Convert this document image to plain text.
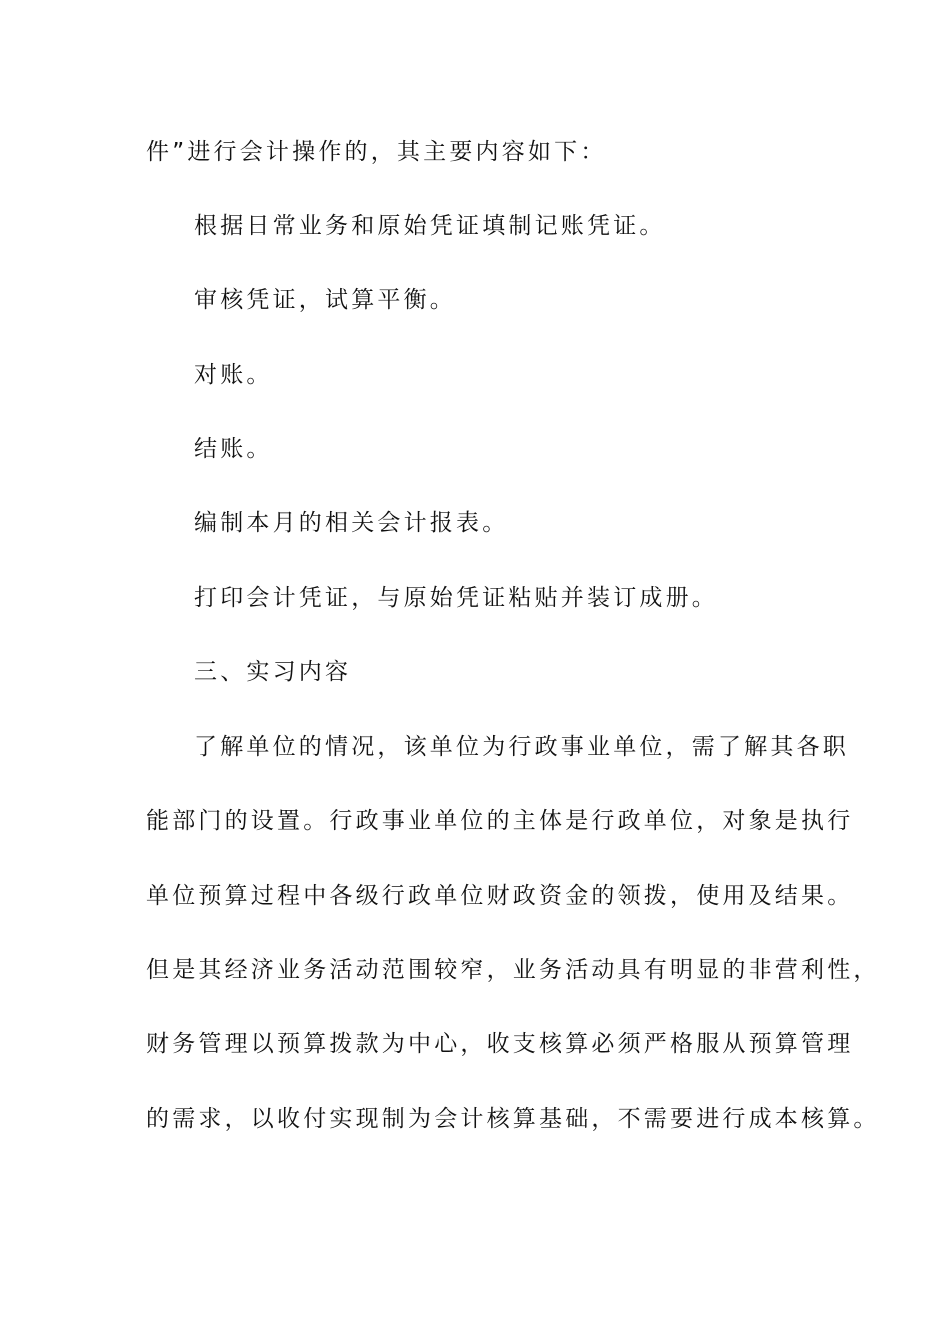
件”进行会计操作的，其主要内容如下：
根据日常业务和原始凭证填制记账凭证。
审核凭证，试算平衡。
对账。
结账。
编制本月的相关会计报表。
打印会计凭证，与原始凭证粘贴并装订成册。
三、实习内容
了解单位的情况，该单位为行政事业单位，需了解其各职
能部门的设置。行政事业单位的主体是行政单位，对象是执行
单位预算过程中各级行政单位财政资金的领拨，使用及结果。
但是其经济业务活动范围较窄，业务活动具有明显的非营利性，
财务管理以预算拨款为中心，收支核算必须严格服从预算管理
的需求，以收付实现制为会计核算基础，不需要进行成本核算。
